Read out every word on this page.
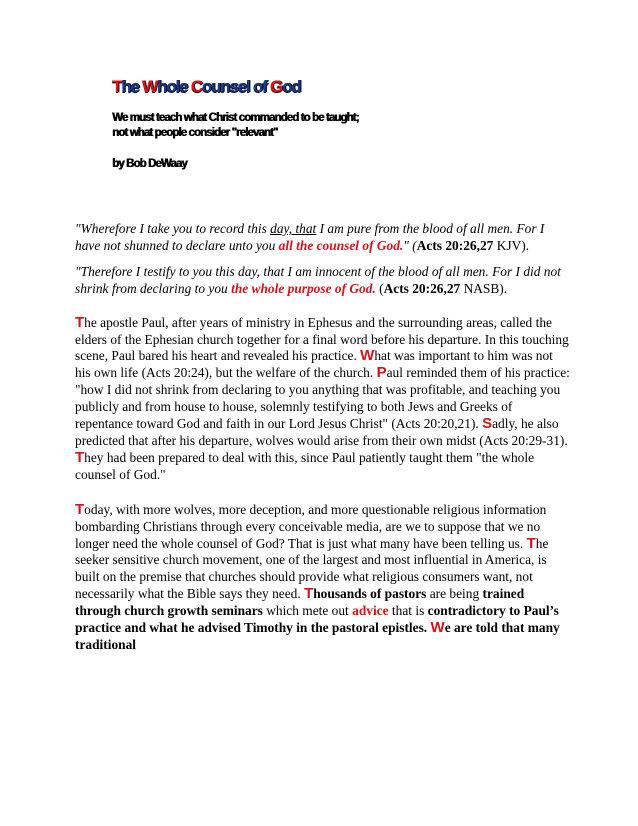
The Whole Counsel of God
We must teach what Christ commanded to be taught;
not what people consider "relevant"
by Bob DeWaay

"Wherefore I take you to record this day, that I am pure from the blood of all men. For I have not shunned to declare unto you all the counsel of God." (Acts 20:26,27 KJV).

"Therefore I testify to you this day, that I am innocent of the blood of all men. For I did not shrink from declaring to you the whole purpose of God. (Acts 20:26,27 NASB).

The apostle Paul, after years of ministry in Ephesus and the surrounding areas, called the elders of the Ephesian church together for a final word before his departure. In this touching scene, Paul bared his heart and revealed his practice. What was important to him was not his own life (Acts 20:24), but the welfare of the church. Paul reminded them of his practice: "how I did not shrink from declaring to you anything that was profitable, and teaching you publicly and from house to house, solemnly testifying to both Jews and Greeks of repentance toward God and faith in our Lord Jesus Christ" (Acts 20:20,21). Sadly, he also predicted that after his departure, wolves would arise from their own midst (Acts 20:29-31). They had been prepared to deal with this, since Paul patiently taught them "the whole counsel of God."

Today, with more wolves, more deception, and more questionable religious information bombarding Christians through every conceivable media, are we to suppose that we no longer need the whole counsel of God? That is just what many have been telling us. The seeker sensitive church movement, one of the largest and most influential in America, is built on the premise that churches should provide what religious consumers want, not necessarily what the Bible says they need. Thousands of pastors are being trained through church growth seminars which mete out advice that is contradictory to Paul’s practice and what he advised Timothy in the pastoral epistles. We are told that many traditional
